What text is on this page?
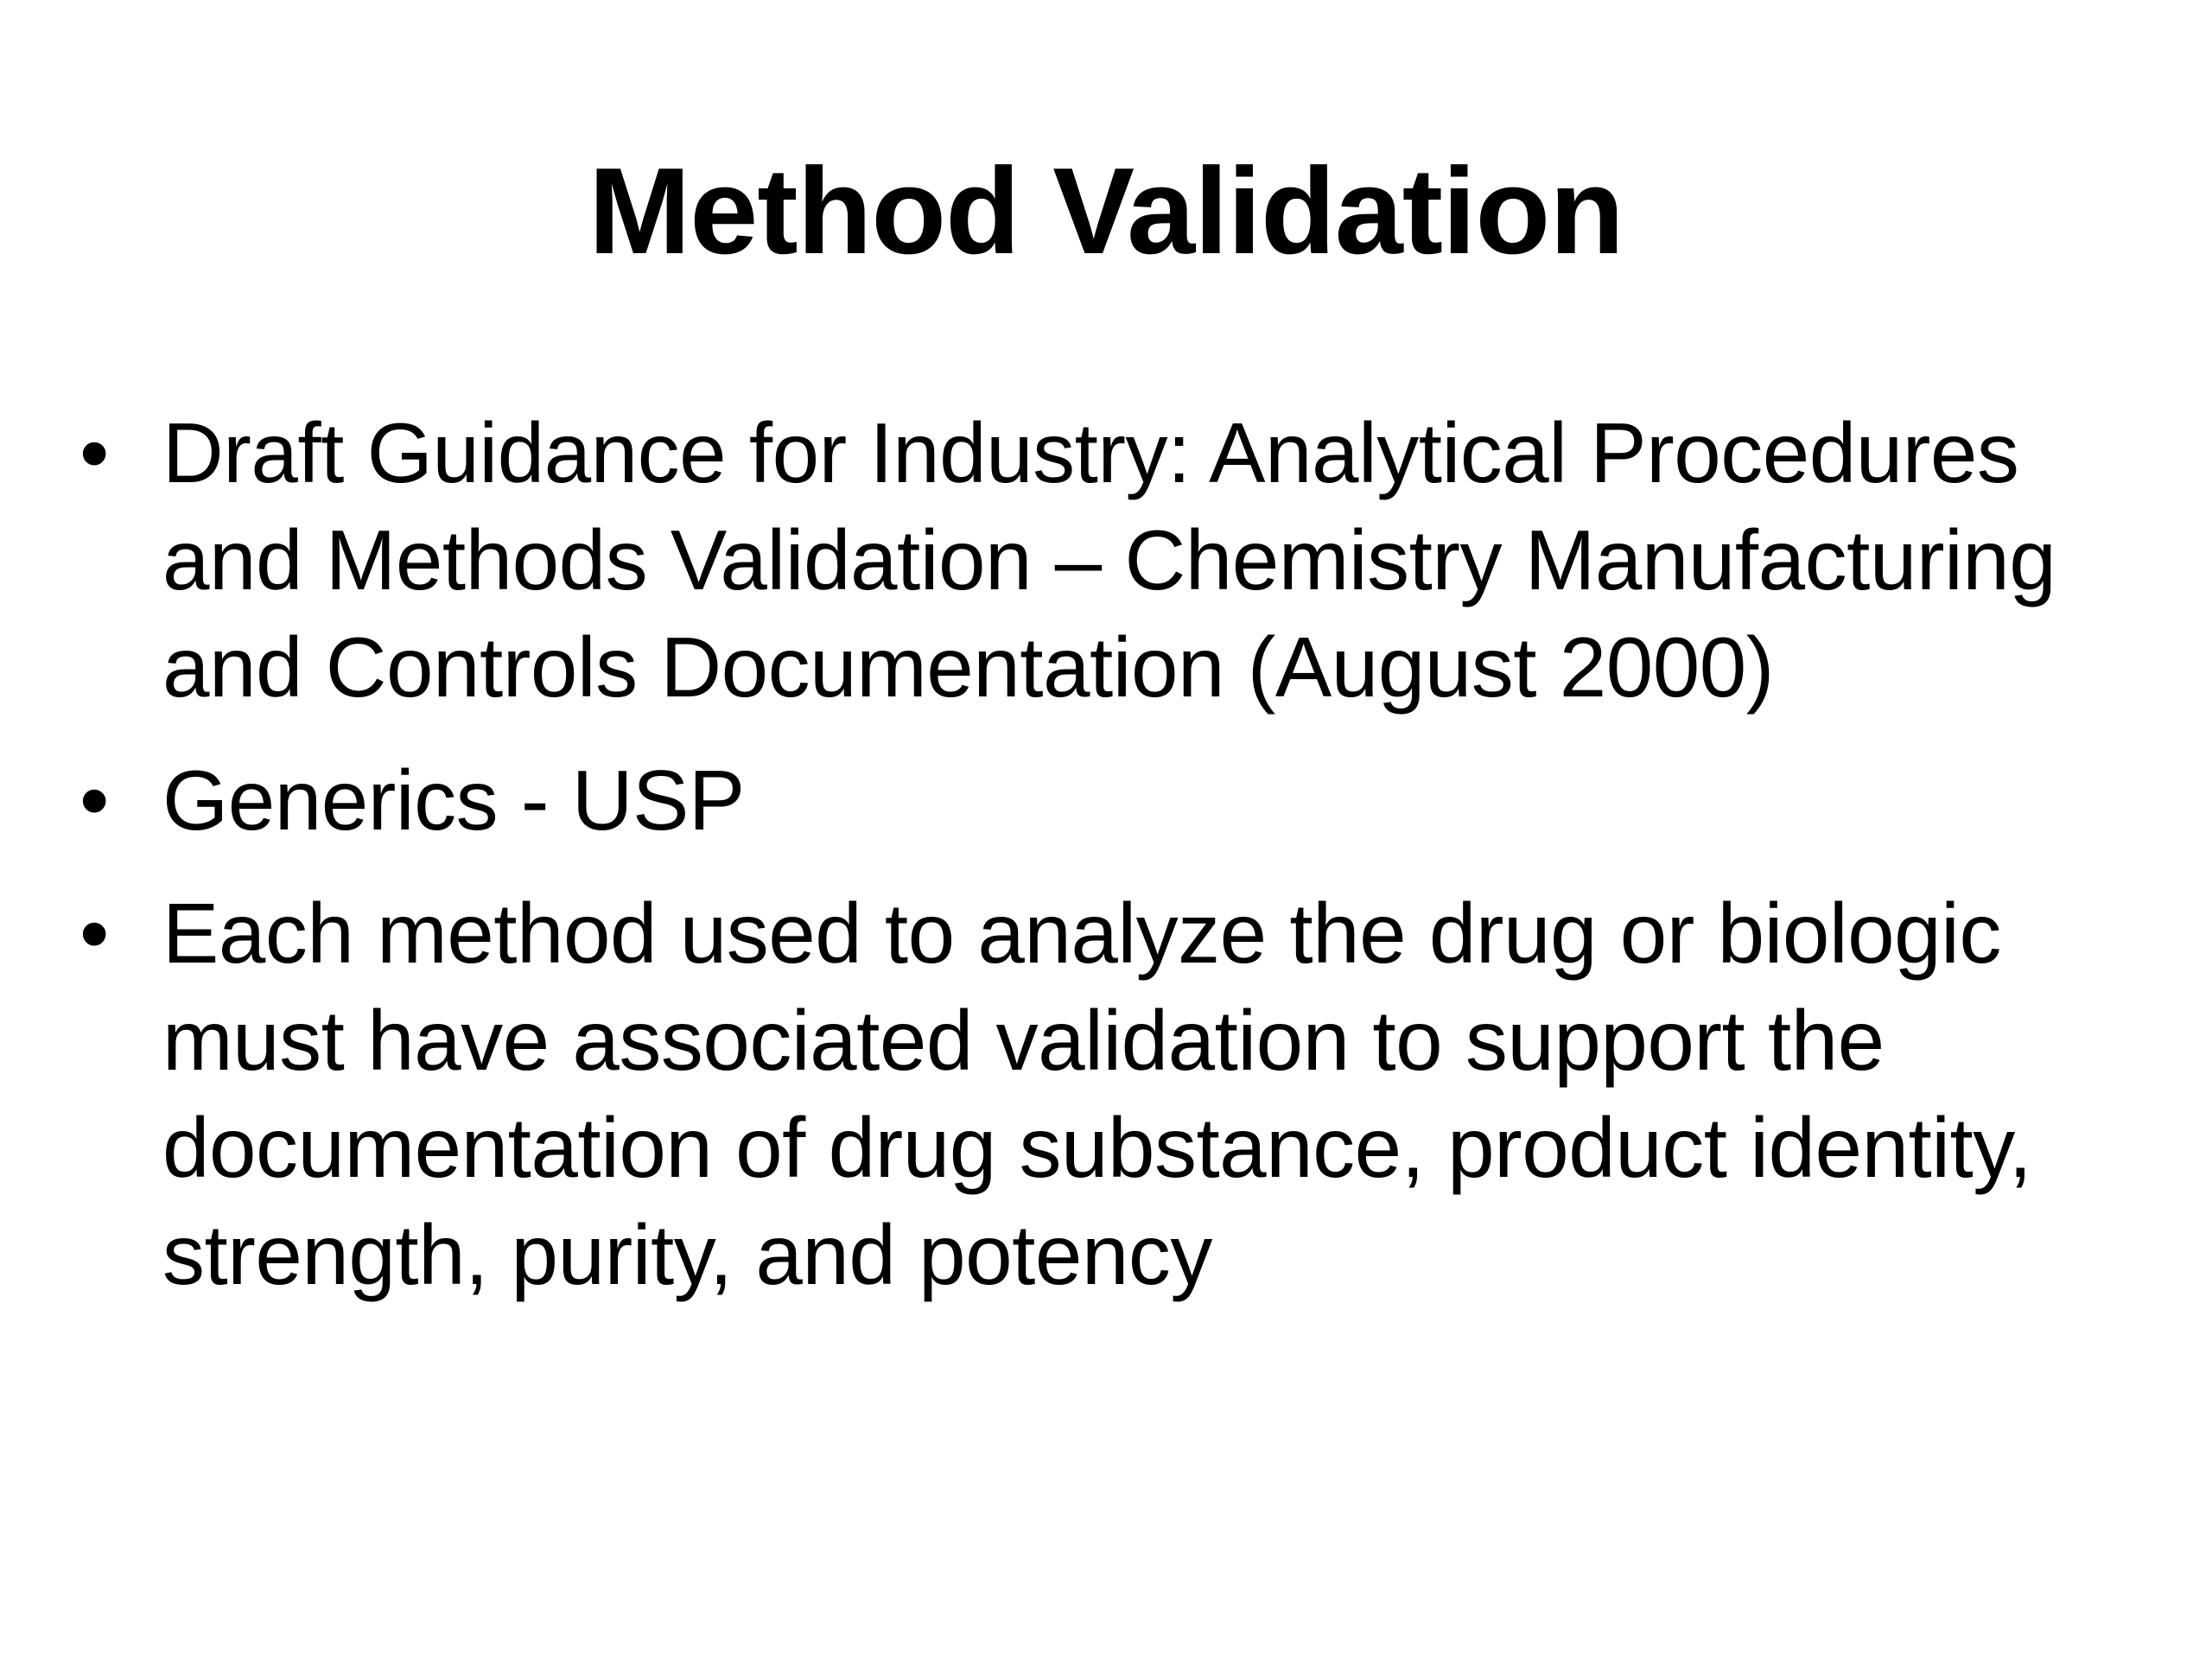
Method Validation
• Draft Guidance for Industry: Analytical Procedures and Methods Validation – Chemistry Manufacturing and Controls Documentation (August 2000)
• Generics - USP
• Each method used to analyze the drug or biologic must have associated validation to support the documentation of drug substance, product identity, strength, purity, and potency
